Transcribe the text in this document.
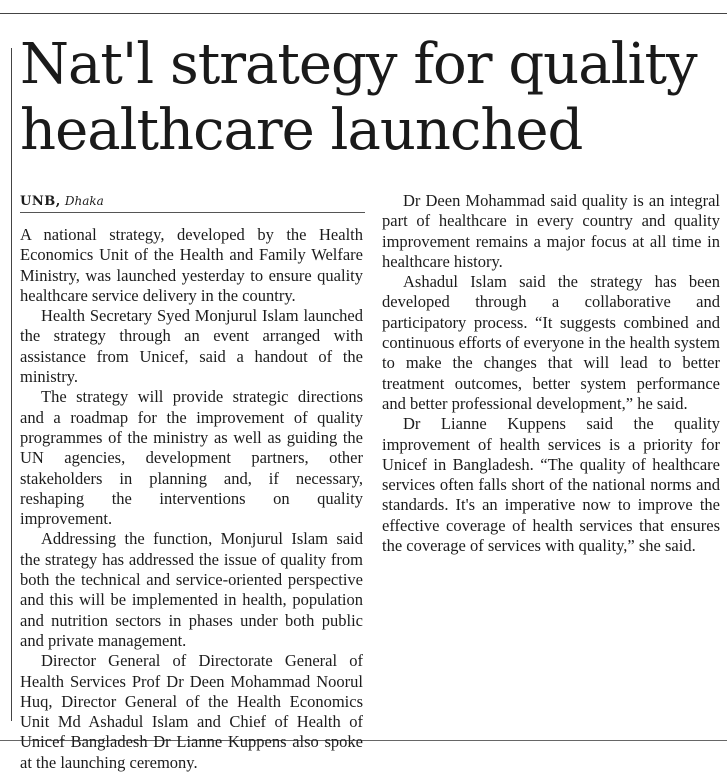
Nat'l strategy for quality healthcare launched
UNB, Dhaka

A national strategy, developed by the Health Economics Unit of the Health and Family Welfare Ministry, was launched yesterday to ensure quality healthcare service delivery in the country.

Health Secretary Syed Monjurul Islam launched the strategy through an event arranged with assistance from Unicef, said a handout of the ministry.

The strategy will provide strategic directions and a roadmap for the improvement of quality programmes of the ministry as well as guiding the UN agencies, development partners, other stakeholders in planning and, if necessary, reshaping the interventions on quality improvement.

Addressing the function, Monjurul Islam said the strategy has addressed the issue of quality from both the technical and service-oriented perspective and this will be implemented in health, population and nutrition sectors in phases under both public and private management.

Director General of Directorate General of Health Services Prof Dr Deen Mohammad Noorul Huq, Director General of the Health Economics Unit Md Ashadul Islam and Chief of Health of Unicef Bangladesh Dr Lianne Kuppens also spoke at the launching ceremony.

Dr Deen Mohammad said quality is an integral part of healthcare in every country and quality improvement remains a major focus at all time in healthcare history.

Ashadul Islam said the strategy has been developed through a collaborative and participatory process. “It suggests combined and continuous efforts of everyone in the health system to make the changes that will lead to better treatment outcomes, better system performance and better professional development,” he said.

Dr Lianne Kuppens said the quality improvement of health services is a priority for Unicef in Bangladesh. “The quality of healthcare services often falls short of the national norms and standards. It's an imperative now to improve the effective coverage of health services that ensures the coverage of services with quality,” she said.
